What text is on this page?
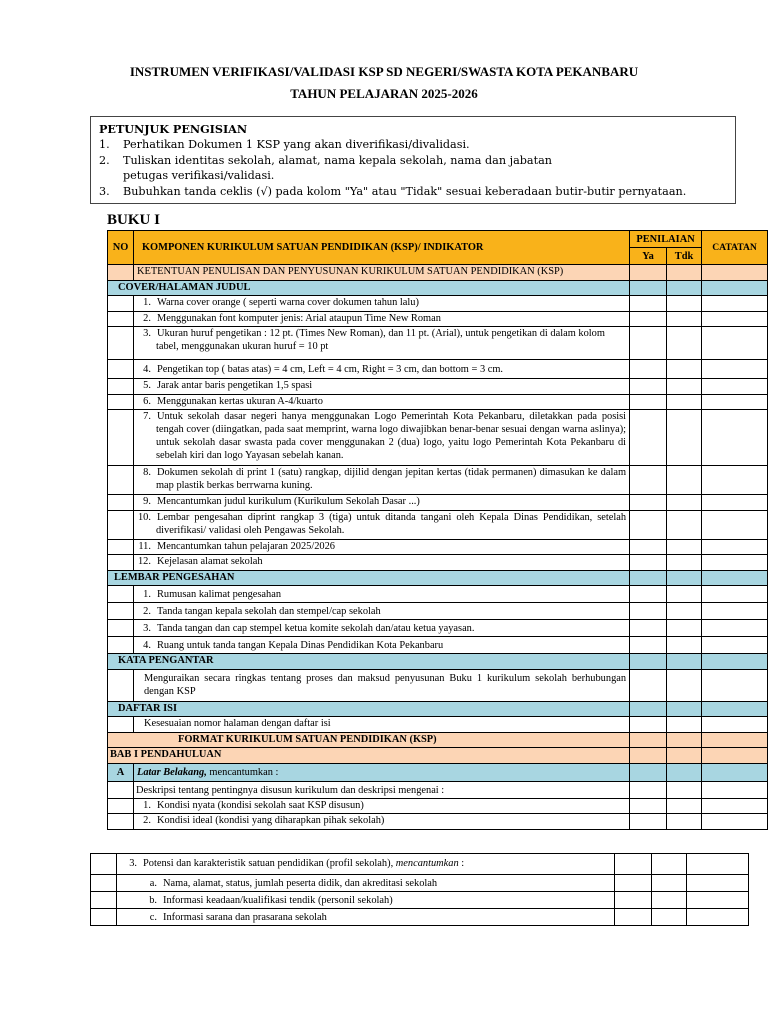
INSTRUMEN VERIFIKASI/VALIDASI KSP SD NEGERI/SWASTA KOTA PEKANBARU
TAHUN PELAJARAN 2025-2026
PETUNJUK PENGISIAN
1.	Perhatikan Dokumen 1 KSP yang akan diverifikasi/divalidasi.
2.	Tuliskan identitas sekolah, alamat, nama kepala sekolah, nama dan jabatan
petugas verifikasi/validasi.
3.	Bubuhkan tanda ceklis (√) pada kolom "Ya" atau "Tidak" sesuai keberadaan butir-butir pernyataan.
BUKU I
NO	KOMPONEN KURIKULUM SATUAN PENDIDIKAN (KSP)/ INDIKATOR	PENILAIAN		CATATAN
		Ya	Tdk	
	KETENTUAN PENULISAN DAN PENYUSUNAN KURIKULUM SATUAN PENDIDIKAN (KSP)			
COVER/HALAMAN JUDUL				
	1. Warna cover orange ( seperti warna cover dokumen tahun lalu)			
	2. Menggunakan font komputer jenis: Arial ataupun Time New Roman			
	3. Ukuran huruf pengetikan : 12 pt. (Times New Roman), dan 11 pt. (Arial), untuk pengetikan di dalam kolom tabel, menggunakan ukuran huruf = 10 pt			
	4. Pengetikan top ( batas atas) = 4 cm, Left = 4 cm, Right = 3 cm, dan bottom = 3 cm.			
	5. Jarak antar baris pengetikan 1,5 spasi			
	6. Menggunakan kertas ukuran A-4/kuarto			
	7. Untuk sekolah dasar negeri hanya menggunakan Logo Pemerintah Kota Pekanbaru, diletakkan pada posisi tengah cover (diingatkan, pada saat memprint, warna logo diwajibkan benar-benar sesuai dengan warna aslinya); untuk sekolah dasar swasta pada cover menggunakan 2 (dua) logo, yaitu logo Pemerintah Kota Pekanbaru di sebelah kiri dan logo Yayasan sebelah kanan.			
	8. Dokumen sekolah di print 1 (satu) rangkap, dijilid dengan jepitan kertas (tidak permanen) dimasukan ke dalam map plastik berkas berrwarna kuning.			
	9. Mencantumkan judul kurikulum (Kurikulum Sekolah Dasar ...)			
	10. Lembar pengesahan diprint rangkap 3 (tiga) untuk ditanda tangani oleh Kepala Dinas Pendidikan, setelah diverifikasi/ validasi oleh Pengawas Sekolah.			
	11. Mencantumkan tahun pelajaran 2025/2026			
	12. Kejelasan alamat sekolah			
LEMBAR PENGESAHAN				
	1. Rumusan kalimat pengesahan			
	2. Tanda tangan kepala sekolah dan stempel/cap sekolah			
	3. Tanda tangan dan cap stempel ketua komite sekolah dan/atau ketua yayasan.			
	4. Ruang untuk tanda tangan Kepala Dinas Pendidikan Kota Pekanbaru			
KATA PENGANTAR				
	Menguraikan secara ringkas tentang proses dan maksud penyusunan Buku 1 kurikulum sekolah berhubungan dengan KSP			
DAFTAR ISI				
	Kesesuaian nomor halaman dengan daftar isi			
FORMAT KURIKULUM SATUAN PENDIDIKAN (KSP)				
BAB I PENDAHULUAN				
A	Latar Belakang, mencantumkan :			
	Deskripsi tentang pentingnya disusun kurikulum dan deskripsi mengenai :			
	1. Kondisi nyata (kondisi sekolah saat KSP disusun)			
	2. Kondisi ideal (kondisi yang diharapkan pihak sekolah)			
	3. Potensi dan karakteristik satuan pendidikan (profil sekolah), mencantumkan :			
	a. Nama, alamat, status, jumlah peserta didik, dan akreditasi sekolah			
	b. Informasi keadaan/kualifikasi tendik (personil sekolah)			
	c. Informasi sarana dan prasarana sekolah			
